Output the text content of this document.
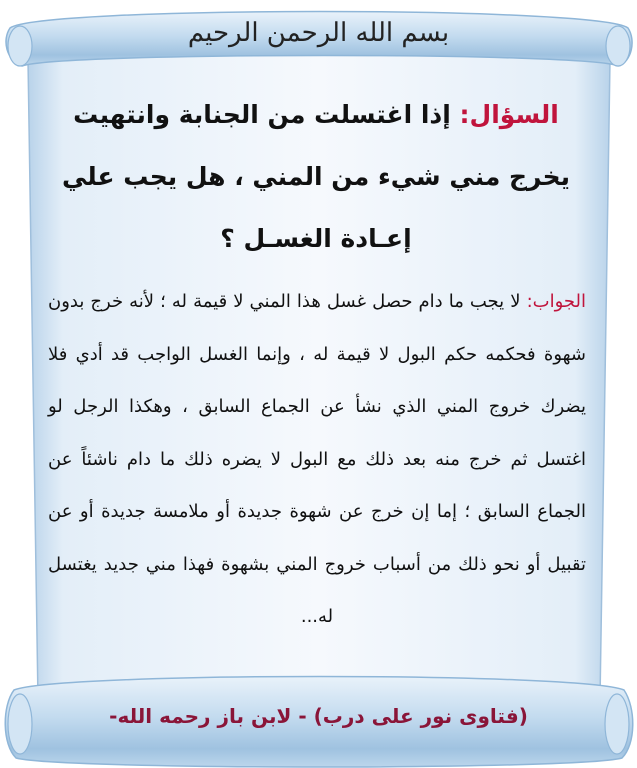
بسم الله الرحمن الرحيم
السؤال: إذا اغتسلت من الجنابة وانتهيت يخرج مني شيء من المني ، هل يجب علي إعـادة الغسـل ؟
الجواب: لا يجب ما دام حصل غسل هذا المني لا قيمة له ؛ لأنه خرج بدون شهوة فحكمه حكم البول لا قيمة له ، وإنما الغسل الواجب قد أدي فلا يضرك خروج المني الذي نشأ عن الجماع السابق ، وهكذا الرجل لو اغتسل ثم خرج منه بعد ذلك مع البول لا يضره ذلك ما دام ناشئاً عن الجماع السابق ؛ إما إن خرج عن شهوة جديدة أو ملامسة جديدة أو عن تقبيل أو نحو ذلك من أسباب خروج المني بشهوة فهذا مني جديد يغتسل له...
(فتاوى نور على درب) - لابن باز رحمه الله-
